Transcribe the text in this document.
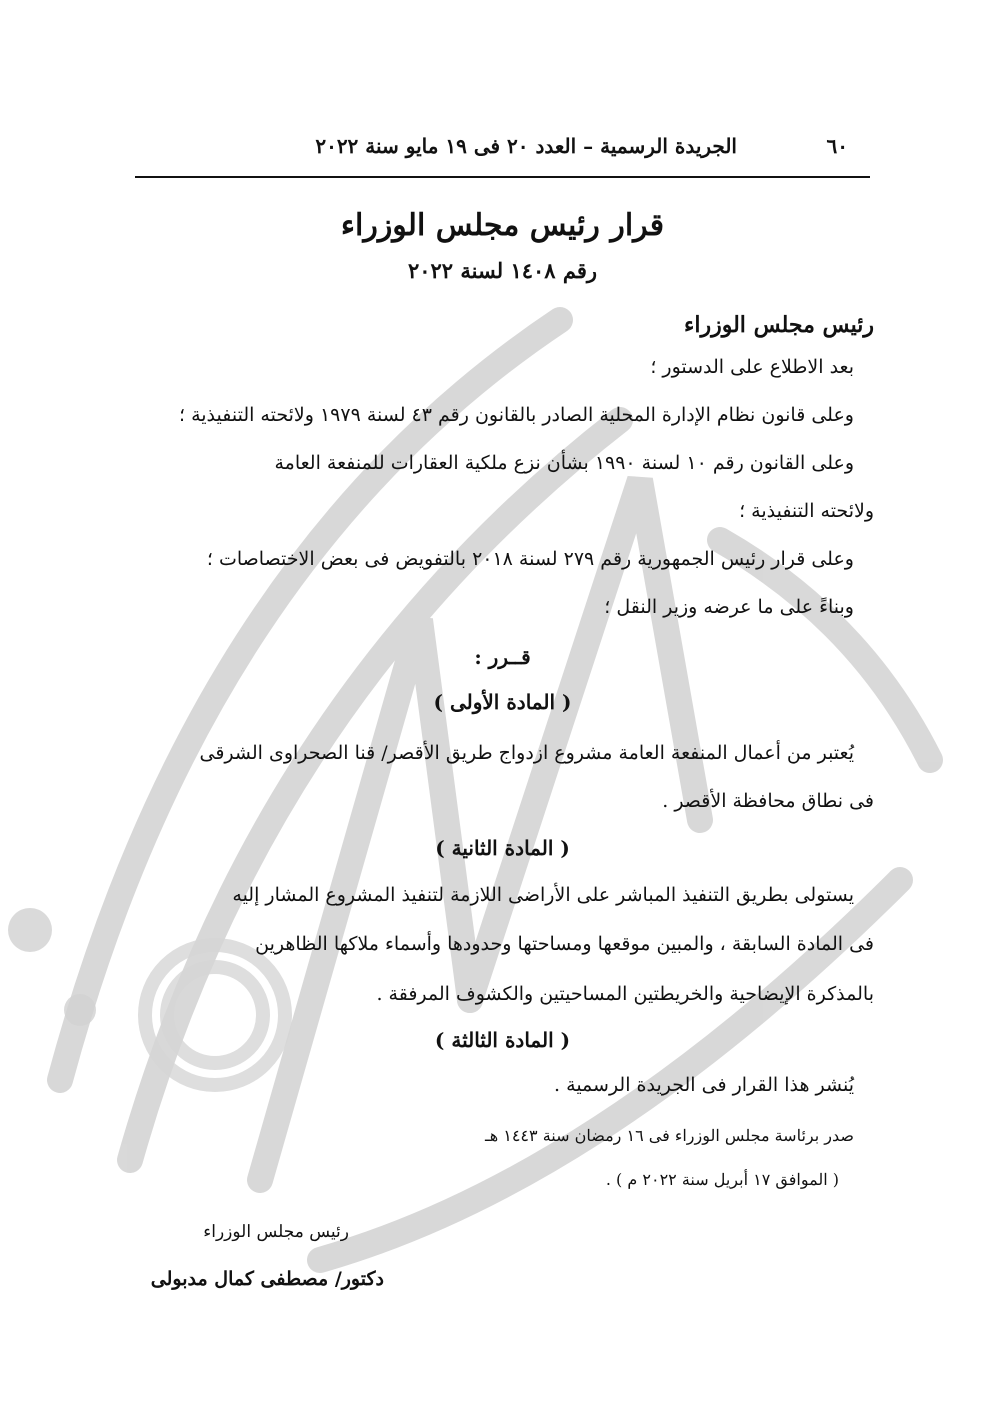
٦٠
الجريدة الرسمية – العدد ٢٠ فى ١٩ مايو سنة ٢٠٢٢
قرار رئيس مجلس الوزراء
رقم ١٤٠٨ لسنة ٢٠٢٢
رئيس مجلس الوزراء
بعد الاطلاع على الدستور ؛
وعلى قانون نظام الإدارة المحلية الصادر بالقانون رقم ٤٣ لسنة ١٩٧٩ ولائحته التنفيذية ؛
وعلى القانون رقم ١٠ لسنة ١٩٩٠ بشأن نزع ملكية العقارات للمنفعة العامة
ولائحته التنفيذية ؛
وعلى قرار رئيس الجمهورية رقم ٢٧٩ لسنة ٢٠١٨ بالتفويض فى بعض الاختصاصات ؛
وبناءً على ما عرضه وزير النقل ؛
قــرر :
( المادة الأولى )
يُعتبر من أعمال المنفعة العامة مشروع ازدواج طريق الأقصر/ قنا الصحراوى الشرقى
فى نطاق محافظة الأقصر .
( المادة الثانية )
يستولى بطريق التنفيذ المباشر على الأراضى اللازمة لتنفيذ المشروع المشار إليه
فى المادة السابقة ، والمبين موقعها ومساحتها وحدودها وأسماء ملاكها الظاهرين
بالمذكرة الإيضاحية والخريطتين المساحيتين والكشوف المرفقة .
( المادة الثالثة )
يُنشر هذا القرار فى الجريدة الرسمية .
صدر برئاسة مجلس الوزراء فى ١٦ رمضان سنة ١٤٤٣ هـ
( الموافق ١٧ أبريل سنة ٢٠٢٢ م ) .
رئيس مجلس الوزراء
دكتور/ مصطفى كمال مدبولى
